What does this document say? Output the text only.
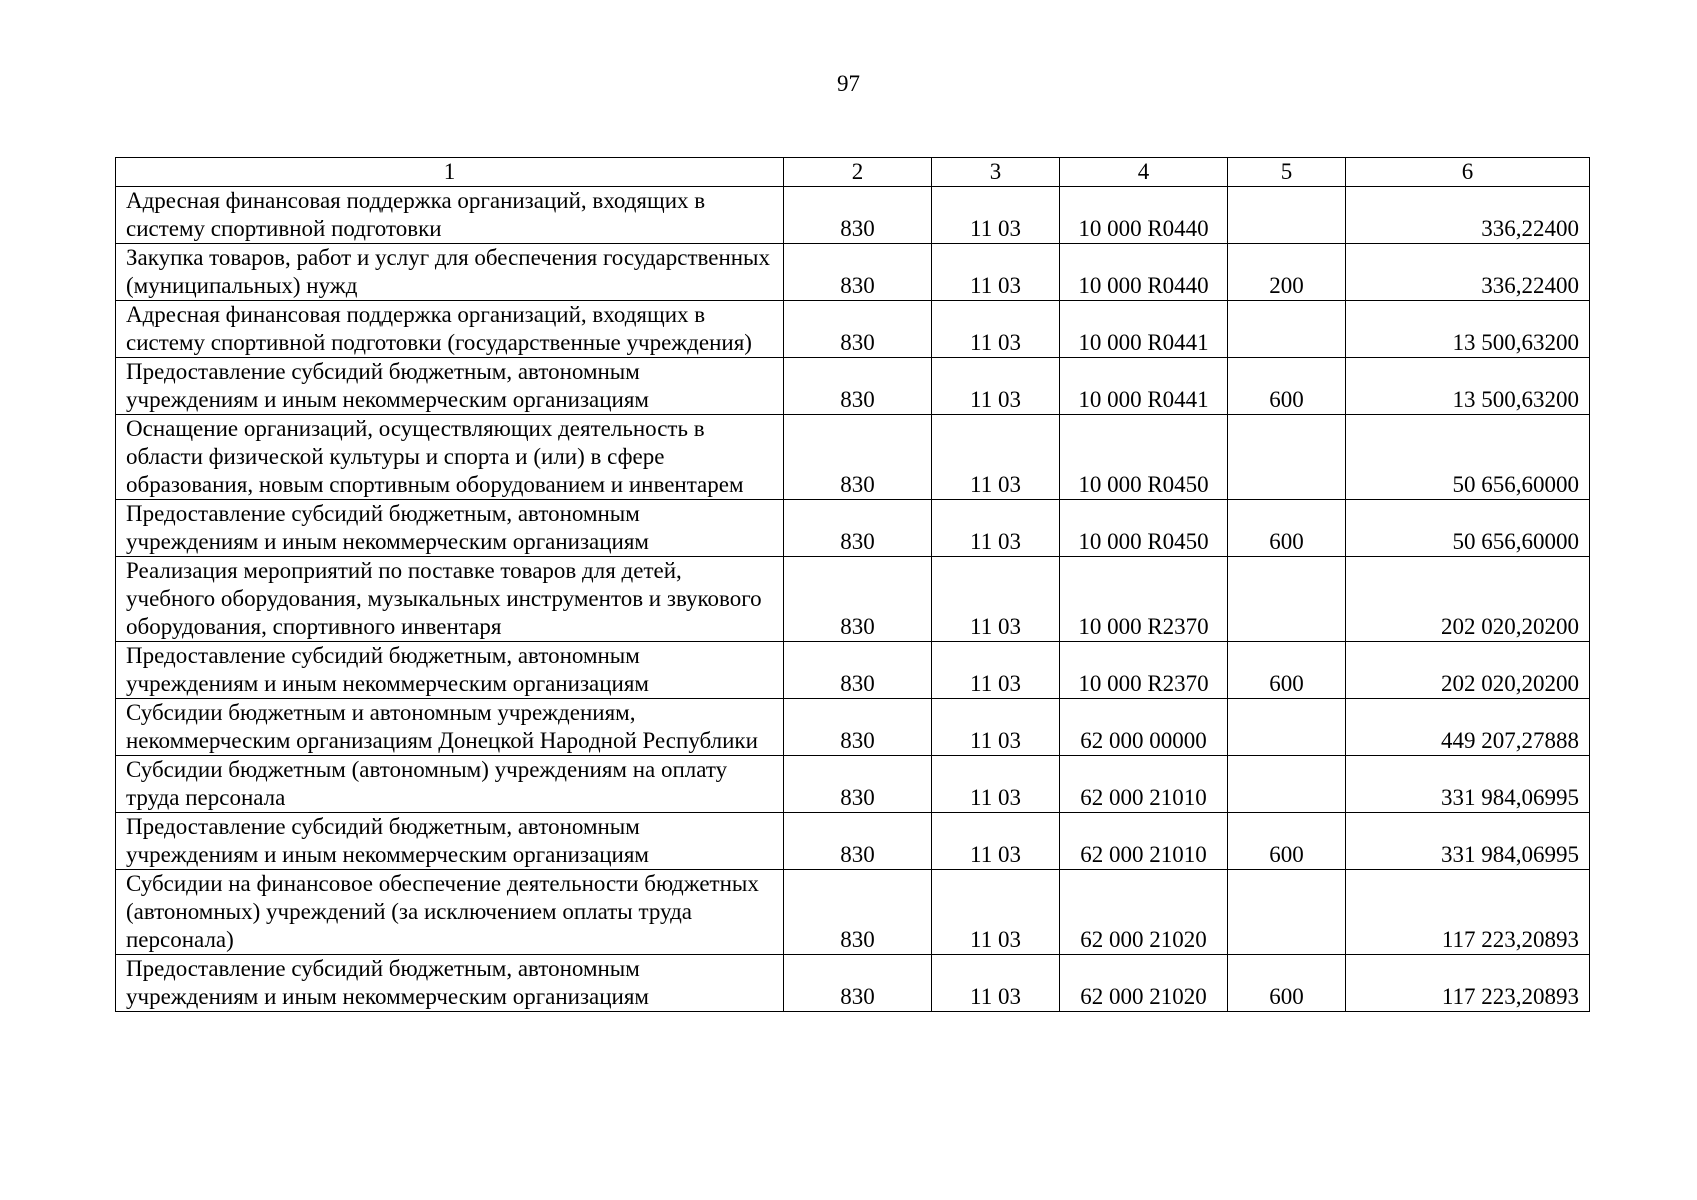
97
1	2	3	4	5	6
Адресная финансовая поддержка организаций, входящих в систему спортивной подготовки	830	11 03	10 000 R0440		336,22400
Закупка товаров, работ и услуг для обеспечения государственных (муниципальных) нужд	830	11 03	10 000 R0440	200	336,22400
Адресная финансовая поддержка организаций, входящих в систему спортивной подготовки (государственные учреждения)	830	11 03	10 000 R0441		13 500,63200
Предоставление субсидий бюджетным, автономным учреждениям и иным некоммерческим организациям	830	11 03	10 000 R0441	600	13 500,63200
Оснащение организаций, осуществляющих деятельность в области физической культуры и спорта и (или) в сфере образования, новым спортивным оборудованием и инвентарем	830	11 03	10 000 R0450		50 656,60000
Предоставление субсидий бюджетным, автономным учреждениям и иным некоммерческим организациям	830	11 03	10 000 R0450	600	50 656,60000
Реализация мероприятий по поставке товаров для детей, учебного оборудования, музыкальных инструментов и звукового оборудования, спортивного инвентаря	830	11 03	10 000 R2370		202 020,20200
Предоставление субсидий бюджетным, автономным учреждениям и иным некоммерческим организациям	830	11 03	10 000 R2370	600	202 020,20200
Субсидии бюджетным и автономным учреждениям, некоммерческим организациям Донецкой Народной Республики	830	11 03	62 000 00000		449 207,27888
Субсидии бюджетным (автономным) учреждениям на оплату труда персонала	830	11 03	62 000 21010		331 984,06995
Предоставление субсидий бюджетным, автономным учреждениям и иным некоммерческим организациям	830	11 03	62 000 21010	600	331 984,06995
Субсидии на финансовое обеспечение деятельности бюджетных (автономных) учреждений (за исключением оплаты труда персонала)	830	11 03	62 000 21020		117 223,20893
Предоставление субсидий бюджетным, автономным учреждениям и иным некоммерческим организациям	830	11 03	62 000 21020	600	117 223,20893
